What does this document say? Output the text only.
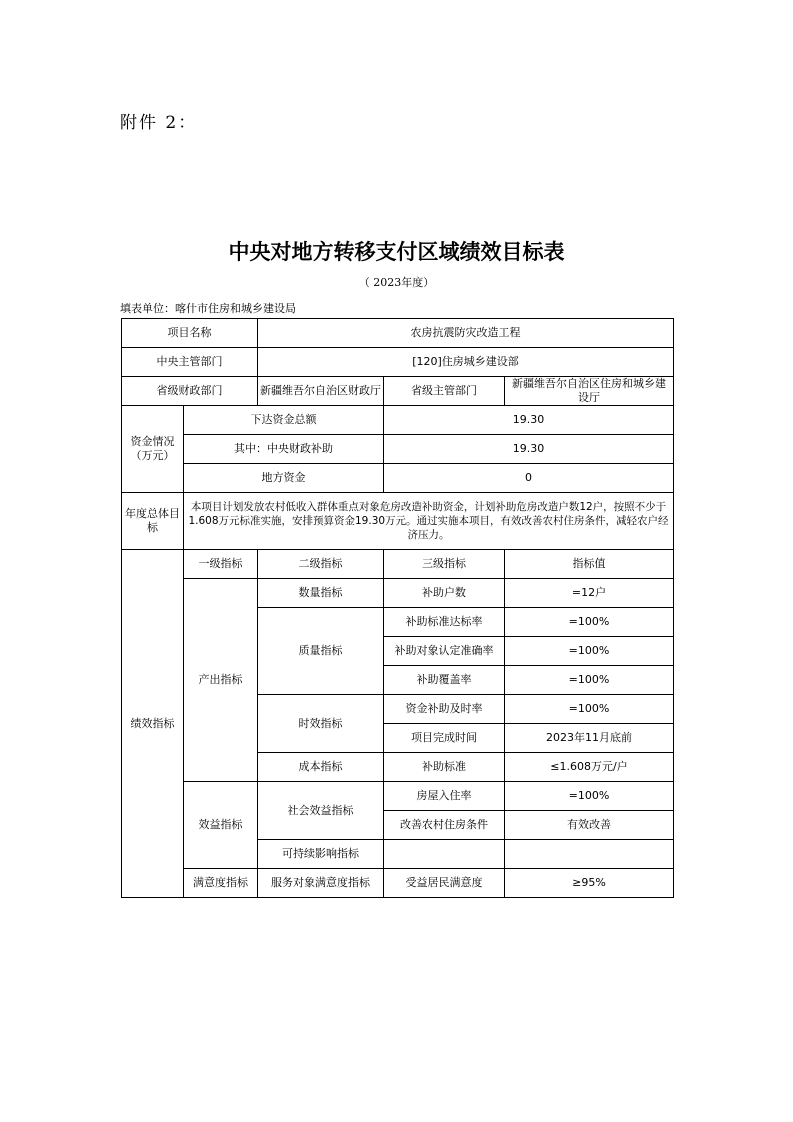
附件 2：
中央对地方转移支付区域绩效目标表
（ 2023年度）
填表单位：喀什市住房和城乡建设局
项目名称		农房抗震防灾改造工程		
中央主管部门		[120]住房城乡建设部		
省级财政部门		新疆维吾尔自治区财政厅	省级主管部门	新疆维吾尔自治区住房和城乡建设厅
资金情况（万元）	下达资金总额		19.30	
	其中：中央财政补助		19.30	
	地方资金		0	
年度总体目标	本项目计划发放农村低收入群体重点对象危房改造补助资金，计划补助危房改造户数12户，按照不少于1.608万元标准实施，安排预算资金19.30万元。通过实施本项目，有效改善农村住房条件，减轻农户经济压力。			
绩效指标	一级指标	二级指标	三级指标	指标值
	产出指标	数量指标	补助户数	=12户
		质量指标	补助标准达标率	=100%
			补助对象认定准确率	=100%
			补助覆盖率	=100%
		时效指标	资金补助及时率	=100%
			项目完成时间	2023年11月底前
		成本指标	补助标准	≤1.608万元/户
	效益指标	社会效益指标	房屋入住率	=100%
			改善农村住房条件	有效改善
		可持续影响指标		
	满意度指标	服务对象满意度指标	受益居民满意度	≥95%
